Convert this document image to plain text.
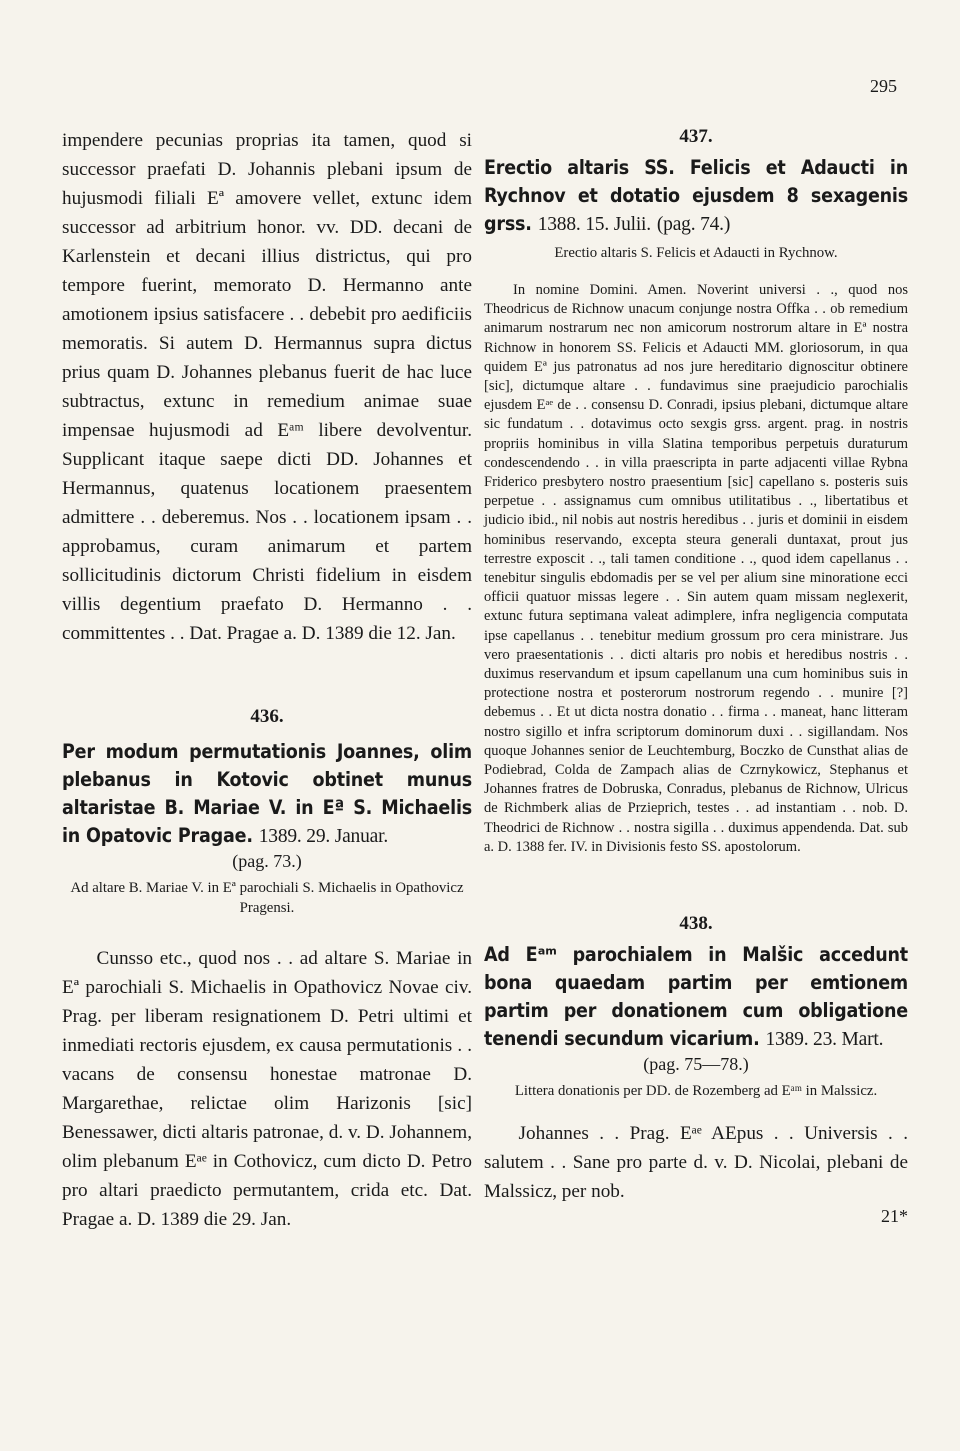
295

impendere pecunias proprias ita tamen, quod si successor praefati D. Johannis plebani ipsum de hujusmodi filiali Eª amovere vellet, extunc idem successor ad arbitrium honor. vv. DD. decani de Karlenstein et decani illius districtus, qui pro tempore fuerint, memorato D. Hermanno ante amotionem ipsius satisfacere . . debebit pro aedificiis memoratis. Si autem D. Hermannus supra dictus prius quam D. Johannes plebanus fuerit de hac luce subtractus, extunc in remedium animae suae impensae hujusmodi ad Eᵃᵐ libere devolventur. Supplicant itaque saepe dicti DD. Johannes et Hermannus, quatenus locationem praesentem admittere . . deberemus. Nos . . locationem ipsam . . approbamus, curam animarum et partem sollicitudinis dictorum Christi fidelium in eisdem villis degentium praefato D. Hermanno . . committentes . . Dat. Pragae a. D. 1389 die 12. Jan.

436.

Per modum permutationis Joannes, olim plebanus in Kotovic obtinet munus altaristae B. Mariae V. in Eª S. Michaelis in Opatovic Pragae. 1389. 29. Januar.

(pag. 73.)

Ad altare B. Mariae V. in Eª parochiali S. Michaelis in Opathovicz Pragensi.

Cunsso etc., quod nos . . ad altare S. Mariae in Eª parochiali S. Michaelis in Opathovicz Novae civ. Prag. per liberam resignationem D. Petri ultimi et inmediati rectoris ejusdem, ex causa permutationis . . vacans de consensu honestae matronae D. Margarethae, relictae olim Harizonis [sic] Benessawer, dicti altaris patronae, d. v. D. Johannem, olim plebanum Eᵃᵉ in Cothovicz, cum dicto D. Petro pro altari praedicto permutantem, crida etc. Dat. Pragae a. D. 1389 die 29. Jan.

437.

Erectio altaris SS. Felicis et Adaucti in Rychnov et dotatio ejusdem 8 sexagenis grss. 1388. 15. Julii. (pag. 74.)

Erectio altaris S. Felicis et Adaucti in Rychnow.

In nomine Domini. Amen. Noverint universi . ., quod nos Theodricus de Richnow unacum conjunge nostra Offka . . ob remedium animarum nostrarum nec non amicorum nostrorum altare in Eª nostra Richnow in honorem SS. Felicis et Adaucti MM. gloriosorum, in qua quidem Eª jus patronatus ad nos jure hereditario dignoscitur obtinere [sic], dictumque altare . . fundavimus sine praejudicio parochialis ejusdem Eᵃᵉ de . . consensu D. Conradi, ipsius plebani, dictumque altare sic fundatum . . dotavimus octo sexgis grss. argent. prag. in nostris propriis hominibus in villa Slatina temporibus perpetuis duraturum condescendendo . . in villa praescripta in parte adjacenti villae Rybna Friderico presbytero nostro praesentium [sic] capellano s. posteris suis perpetue . . assignamus cum omnibus utilitatibus . ., libertatibus et judicio ibid., nil nobis aut nostris heredibus . . juris et dominii in eisdem hominibus reservando, excepta steura generali duntaxat, prout jus terrestre exposcit . ., tali tamen conditione . ., quod idem capellanus . . tenebitur singulis ebdomadis per se vel per alium sine minoratione ecci officii quatuor missas legere . . Sin autem quam missam neglexerit, extunc futura septimana valeat adimplere, infra negligencia computata ipse capellanus . . tenebitur medium grossum pro cera ministrare. Jus vero praesentationis . . dicti altaris pro nobis et heredibus nostris . . duximus reservandum et ipsum capellanum una cum hominibus suis in protectione nostra et posterorum nostrorum regendo . . munire [?] debemus . . Et ut dicta nostra donatio . . firma . . maneat, hanc litteram nostro sigillo et infra scriptorum dominorum duxi . . sigillandam. Nos quoque Johannes senior de Leuchtemburg, Boczko de Cunsthat alias de Podiebrad, Colda de Zampach alias de Czrnykowicz, Stephanus et Johannes fratres de Dobruska, Conradus, plebanus de Richnow, Ulricus de Richmberk alias de Przieprich, testes . . ad instantiam . . nob. D. Theodrici de Richnow . . nostra sigilla . . duximus appendenda. Dat. sub a. D. 1388 fer. IV. in Divisionis festo SS. apostolorum.

438.

Ad Eᵃᵐ parochialem in Malšic accedunt bona quaedam partim per emtionem partim per donationem cum obligatione tenendi secundum vicarium. 1389. 23. Mart.

(pag. 75—78.)

Littera donationis per DD. de Rozemberg ad Eᵃᵐ in Malssicz.

Johannes . . Prag. Eᵃᵉ AEpus . . Universis . . salutem . . Sane pro parte d. v. D. Nicolai, plebani de Malssicz, per nob.

21*
